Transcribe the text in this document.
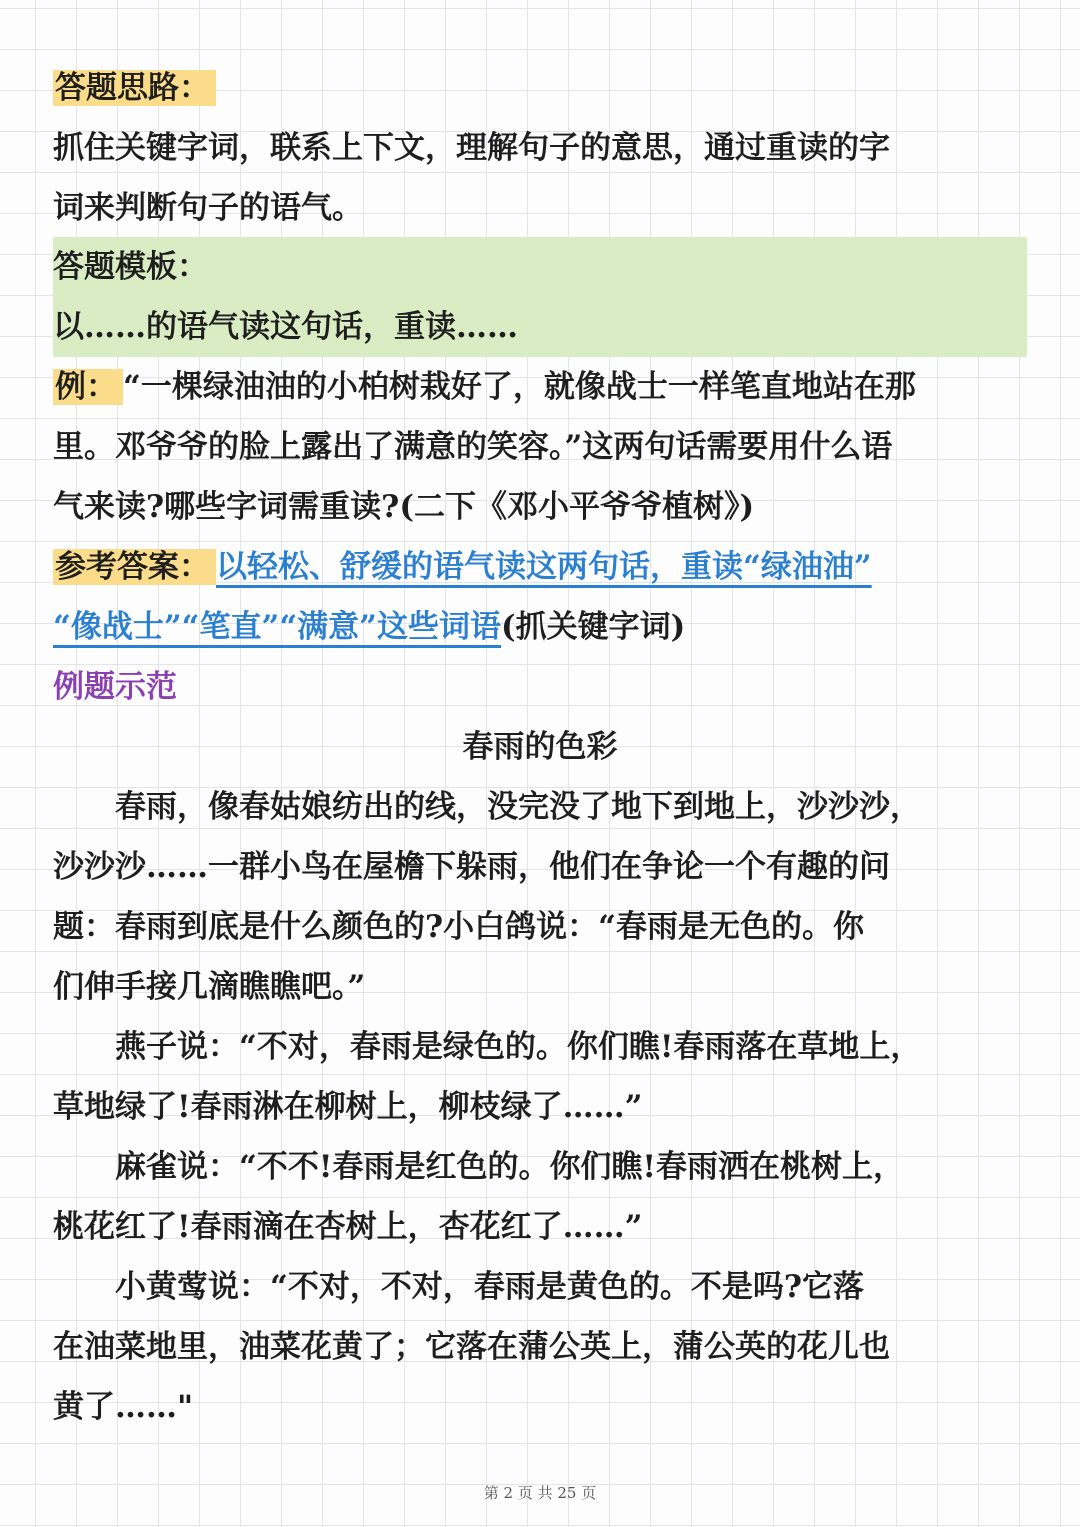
答题思路：
抓住关键字词，联系上下文，理解句子的意思，通过重读的字
词来判断句子的语气。
答题模板：
以……的语气读这句话，重读……
例： “一棵绿油油的小柏树栽好了，就像战士一样笔直地站在那
里。邓爷爷的脸上露出了满意的笑容。”这两句话需要用什么语
气来读?哪些字词需重读?(二下《邓小平爷爷植树》)
参考答案： 以轻松、舒缓的语气读这两句话，重读“绿油油”
“像战士”“笔直”“满意”这些词语(抓关键字词)
例题示范
春雨的色彩
春雨，像春姑娘纺出的线，没完没了地下到地上，沙沙沙，
沙沙沙……一群小鸟在屋檐下躲雨，他们在争论一个有趣的问
题：春雨到底是什么颜色的?小白鸽说：“春雨是无色的。你
们伸手接几滴瞧瞧吧。”
燕子说：“不对，春雨是绿色的。你们瞧!春雨落在草地上，
草地绿了!春雨淋在柳树上，柳枝绿了……”
麻雀说：“不不!春雨是红色的。你们瞧!春雨洒在桃树上，
桃花红了!春雨滴在杏树上，杏花红了……”
小黄莺说：“不对，不对，春雨是黄色的。不是吗?它落
在油菜地里，油菜花黄了；它落在蒲公英上，蒲公英的花儿也
黄了……"
第 2 页 共 25 页
